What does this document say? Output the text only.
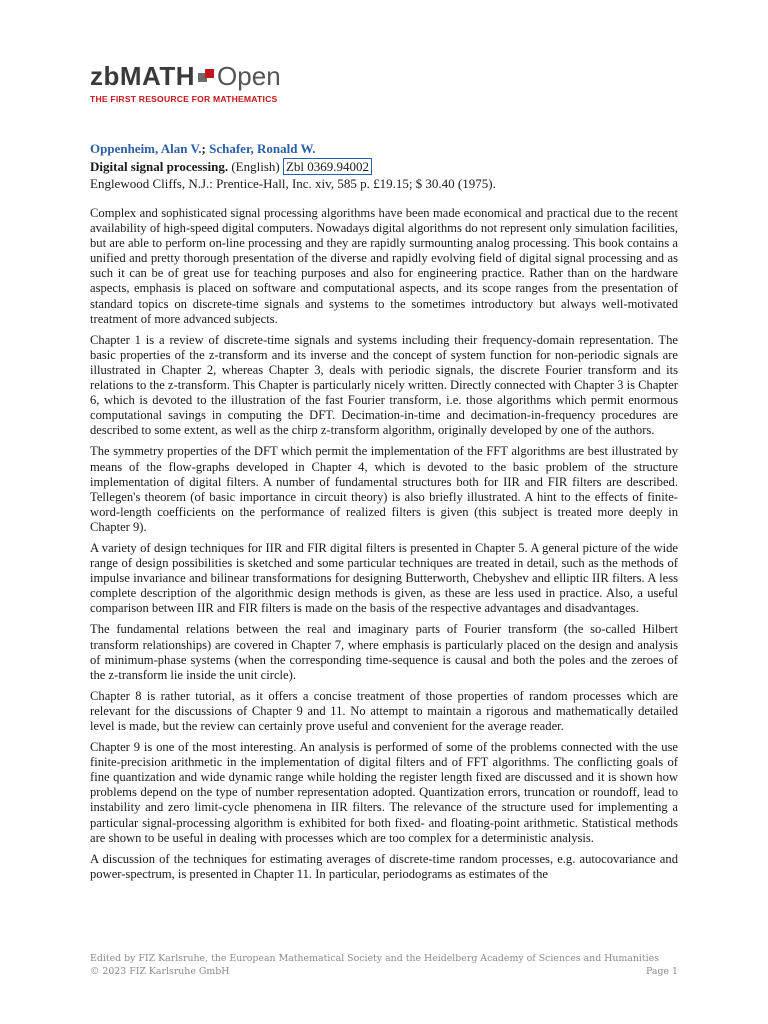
zbMATH Open
THE FIRST RESOURCE FOR MATHEMATICS
Oppenheim, Alan V.; Schafer, Ronald W.
Digital signal processing. (English) Zbl 0369.94002
Englewood Cliffs, N.J.: Prentice-Hall, Inc. xiv, 585 p. £19.15; $ 30.40 (1975).

Complex and sophisticated signal processing algorithms have been made economical and practical due to the recent availability of high-speed digital computers. Nowadays digital algorithms do not represent only simulation facilities, but are able to perform on-line processing and they are rapidly surmounting analog processing. This book contains a unified and pretty thorough presentation of the diverse and rapidly evolving field of digital signal processing and as such it can be of great use for teaching purposes and also for engineering practice. Rather than on the hardware aspects, emphasis is placed on software and computational aspects, and its scope ranges from the presentation of standard topics on discrete-time signals and systems to the sometimes introductory but always well-motivated treatment of more advanced subjects.

Chapter 1 is a review of discrete-time signals and systems including their frequency-domain representation. The basic properties of the z-transform and its inverse and the concept of system function for non-periodic signals are illustrated in Chapter 2, whereas Chapter 3, deals with periodic signals, the discrete Fourier transform and its relations to the z-transform. This Chapter is particularly nicely written. Directly connected with Chapter 3 is Chapter 6, which is devoted to the illustration of the fast Fourier transform, i.e. those algorithms which permit enormous computational savings in computing the DFT. Decimation-in-time and decimation-in-frequency procedures are described to some extent, as well as the chirp z-transform algorithm, originally developed by one of the authors.

The symmetry properties of the DFT which permit the implementation of the FFT algorithms are best illustrated by means of the flow-graphs developed in Chapter 4, which is devoted to the basic problem of the structure implementation of digital filters. A number of fundamental structures both for IIR and FIR filters are described. Tellegen's theorem (of basic importance in circuit theory) is also briefly illustrated. A hint to the effects of finite-word-length coefficients on the performance of realized filters is given (this subject is treated more deeply in Chapter 9).

A variety of design techniques for IIR and FIR digital filters is presented in Chapter 5. A general picture of the wide range of design possibilities is sketched and some particular techniques are treated in detail, such as the methods of impulse invariance and bilinear transformations for designing Butterworth, Chebyshev and elliptic IIR filters. A less complete description of the algorithmic design methods is given, as these are less used in practice. Also, a useful comparison between IIR and FIR filters is made on the basis of the respective advantages and disadvantages.

The fundamental relations between the real and imaginary parts of Fourier transform (the so-called Hilbert transform relationships) are covered in Chapter 7, where emphasis is particularly placed on the design and analysis of minimum-phase systems (when the corresponding time-sequence is causal and both the poles and the zeroes of the z-transform lie inside the unit circle).

Chapter 8 is rather tutorial, as it offers a concise treatment of those properties of random processes which are relevant for the discussions of Chapter 9 and 11. No attempt to maintain a rigorous and mathematically detailed level is made, but the review can certainly prove useful and convenient for the average reader.

Chapter 9 is one of the most interesting. An analysis is performed of some of the problems connected with the use finite-precision arithmetic in the implementation of digital filters and of FFT algorithms. The conflicting goals of fine quantization and wide dynamic range while holding the register length fixed are discussed and it is shown how problems depend on the type of number representation adopted. Quantization errors, truncation or roundoff, lead to instability and zero limit-cycle phenomena in IIR filters. The relevance of the structure used for implementing a particular signal-processing algorithm is exhibited for both fixed- and floating-point arithmetic. Statistical methods are shown to be useful in dealing with processes which are too complex for a deterministic analysis.

A discussion of the techniques for estimating averages of discrete-time random processes, e.g. autocovariance and power-spectrum, is presented in Chapter 11. In particular, periodograms as estimates of the

Edited by FIZ Karlsruhe, the European Mathematical Society and the Heidelberg Academy of Sciences and Humanities
© 2023 FIZ Karlsruhe GmbH	Page 1
